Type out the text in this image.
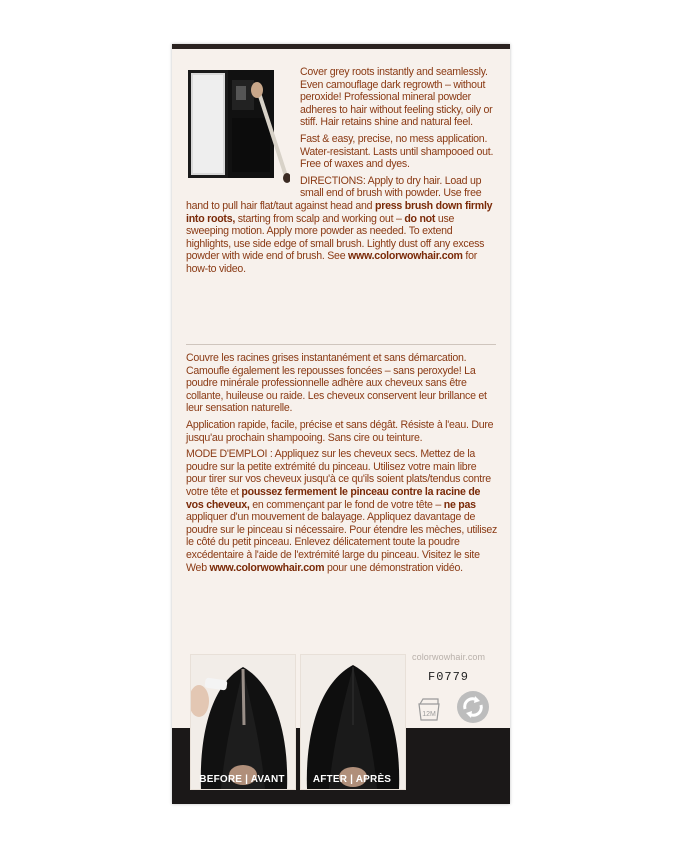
Cover grey roots instantly and seamlessly. Even camouflage dark regrowth – without peroxide! Professional mineral powder adheres to hair without feeling sticky, oily or stiff. Hair retains shine and natural feel.

Fast & easy, precise, no mess application. Water-resistant. Lasts until shampooed out. Free of waxes and dyes.

DIRECTIONS: Apply to dry hair. Load up small end of brush with powder. Use free hand to pull hair flat/taut against head and press brush down firmly into roots, starting from scalp and working out – do not use sweeping motion. Apply more powder as needed. To extend highlights, use side edge of small brush. Lightly dust off any excess powder with wide end of brush. See www.colorwowhair.com for how-to video.

Couvre les racines grises instantanément et sans démarcation. Camoufle également les repousses foncées – sans peroxyde! La poudre minérale professionnelle adhère aux cheveux sans être collante, huileuse ou raide. Les cheveux conservent leur brillance et leur sensation naturelle.

Application rapide, facile, précise et sans dégât. Résiste à l'eau. Dure jusqu'au prochain shampooing. Sans cire ou teinture.

MODE D'EMPLOI : Appliquez sur les cheveux secs. Mettez de la poudre sur la petite extrémité du pinceau. Utilisez votre main libre pour tirer sur vos cheveux jusqu'à ce qu'ils soient plats/tendus contre votre tête et poussez fermement le pinceau contre la racine de vos cheveux, en commençant par le fond de votre tête – ne pas appliquer d'un mouvement de balayage. Appliquez davantage de poudre sur le pinceau si nécessaire. Pour étendre les mèches, utilisez le côté du petit pinceau. Enlevez délicatement toute la poudre excédentaire à l'aide de l'extrémité large du pinceau. Visitez le site Web www.colorwowhair.com pour une démonstration vidéo.

BEFORE | AVANT	AFTER | APRÈS
colorwowhair.com
F0779
12M
